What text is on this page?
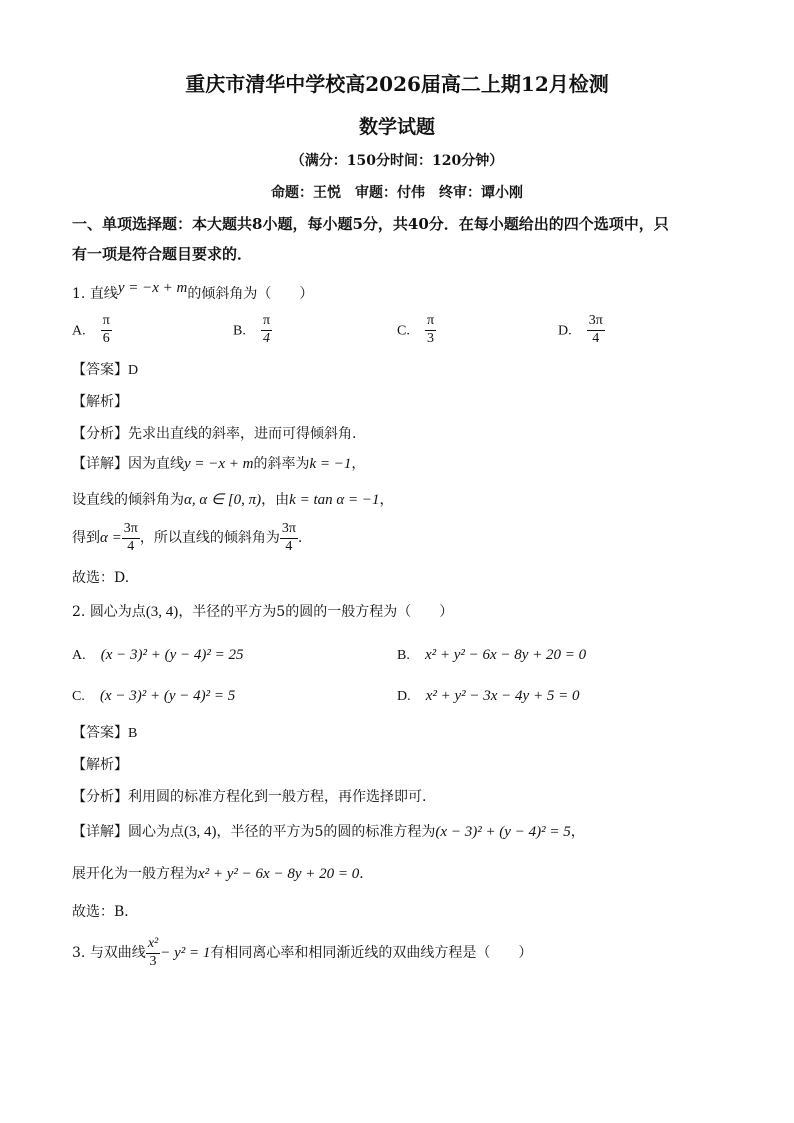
重庆市清华中学校高2026届高二上期12月检测
数学试题
（满分：150分时间：120分钟）
命题：王悦　审题：付伟　终审：谭小刚
一、单项选择题：本大题共8小题，每小题5分，共40分．在每小题给出的四个选项中，只
有一项是符合题目要求的．
1. 直线y = −x + m的倾斜角为（　　）
A. $\frac{\pi}{6}$	B. $\frac{\pi}{4}$	C. $\frac{\pi}{3}$	D. $\frac{3\pi}{4}$
【答案】D
【解析】
【分析】先求出直线的斜率，进而可得倾斜角.
【详解】因为直线y = −x + m的斜率为k = −1，
设直线的倾斜角为α, α ∈ [0, π)，由k = tan α = −1，
得到$\alpha = \frac{3\pi}{4}$ ，所以直线的倾斜角为 $\frac{3\pi}{4}$ .
故选：D.
2. 圆心为点(3, 4)，半径的平方为5的圆的一般方程为（　　）
A. (x − 3)² + (y − 4)² = 25	B. x² + y² − 6x − 8y + 20 = 0
C. (x − 3)² + (y − 4)² = 5	D. x² + y² − 3x − 4y + 5 = 0
【答案】B
【解析】
【分析】利用圆的标准方程化到一般方程，再作选择即可.
【详解】圆心为点(3, 4)，半径的平方为5的圆的标准方程为(x − 3)² + (y − 4)² = 5，
展开化为一般方程为x² + y² − 6x − 8y + 20 = 0．
故选：B．
3. 与双曲线 $\frac{\text{x²}}{3} - y^2 = 1$有相同离心率和相同渐近线的双曲线方程是（　　）
